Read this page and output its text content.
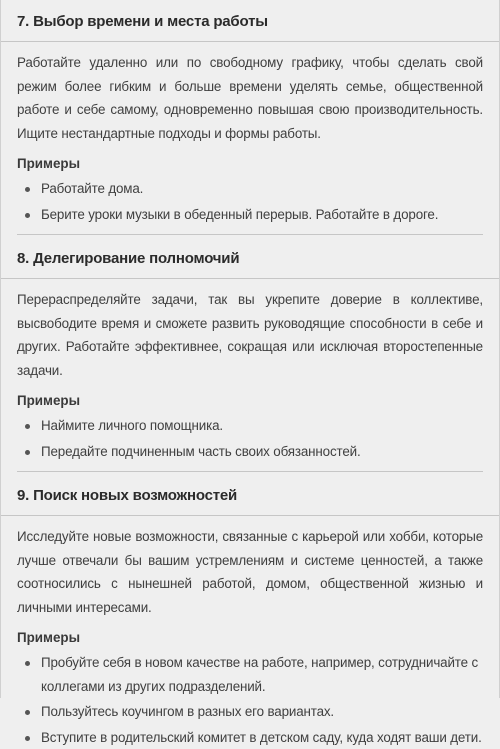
7. Выбор времени и места работы

Работайте удаленно или по свободному графику, чтобы сделать свой режим более гибким и больше времени уделять семье, общественной работе и себе самому, одновременно повышая свою производительность. Ищите нестандартные подходы и формы работы.

Примеры
Работайте дома.
Берите уроки музыки в обеденный перерыв. Работайте в дороге.
8. Делегирование полномочий

Перераспределяйте задачи, так вы укрепите доверие в коллективе, высвободите время и сможете развить руководящие способности в себе и других. Работайте эффективнее, сокращая или исключая второстепенные задачи.

Примеры
Наймите личного помощника.
Передайте подчиненным часть своих обязанностей.
9. Поиск новых возможностей

Исследуйте новые возможности, связанные с карьерой или хобби, которые лучше отвечали бы вашим устремлениям и системе ценностей, а также соотносились с нынешней работой, домом, общественной жизнью и личными интересами.

Примеры
Пробуйте себя в новом качестве на работе, например, сотрудничайте с коллегами из других подразделений.
Пользуйтесь коучингом в разных его вариантах.
Вступите в родительский комитет в детском саду, куда ходят ваши дети.
